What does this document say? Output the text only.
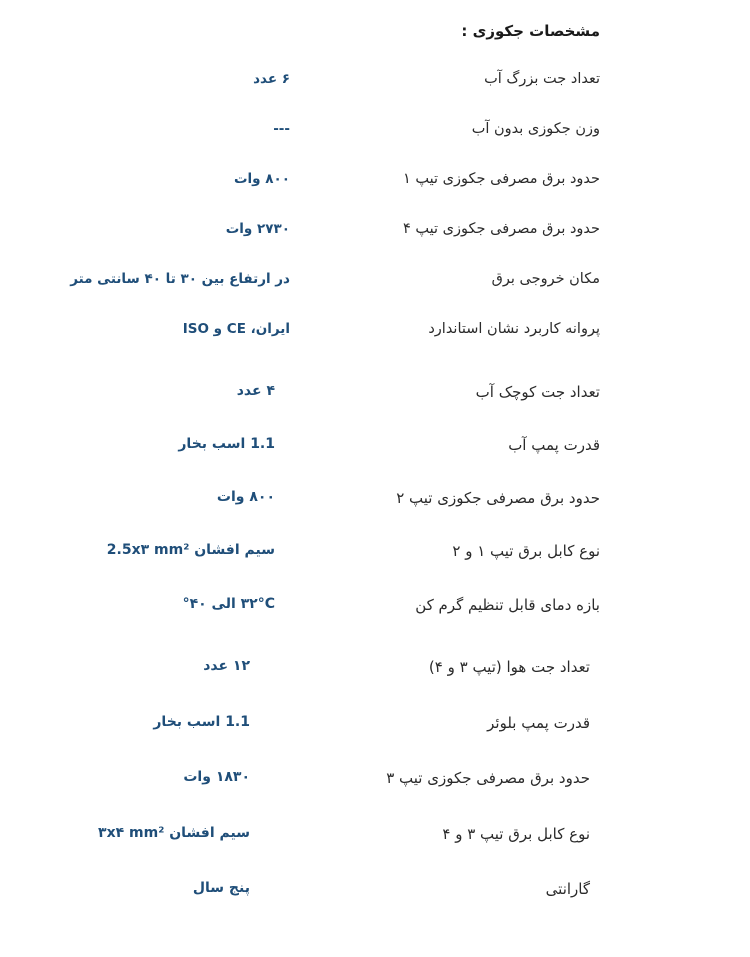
مشخصات جکوزی :
تعداد جت بزرگ آب
۶ عدد
وزن جکوزی بدون آب
---
حدود برق مصرفی جکوزی تیپ ۱
۸۰۰ وات
حدود برق مصرفی جکوزی تیپ ۴
۲۷۳۰ وات
مکان خروجی برق
در ارتفاع بین ۳۰ تا ۴۰ سانتی متر
پروانه کاربرد نشان استاندارد
ایران، CE و ISO
تعداد جت کوچک آب
۴ عدد
قدرت پمپ آب
1.1 اسب بخار
حدود برق مصرفی جکوزی تیپ ۲
۸۰۰ وات
نوع کابل برق تیپ ۱ و ۲
سیم افشان 2.5x۳ mm²
بازه دمای قابل تنظیم گرم کن
۳۲°C الی ۴۰°
تعداد جت هوا (تیپ ۳ و ۴)
۱۲ عدد
قدرت پمپ بلوئر
1.1 اسب بخار
حدود برق مصرفی جکوزی تیپ ۳
۱۸۳۰ وات
نوع کابل برق تیپ ۳ و ۴
سیم افشان ۳x۴ mm²
گارانتی
پنج سال
